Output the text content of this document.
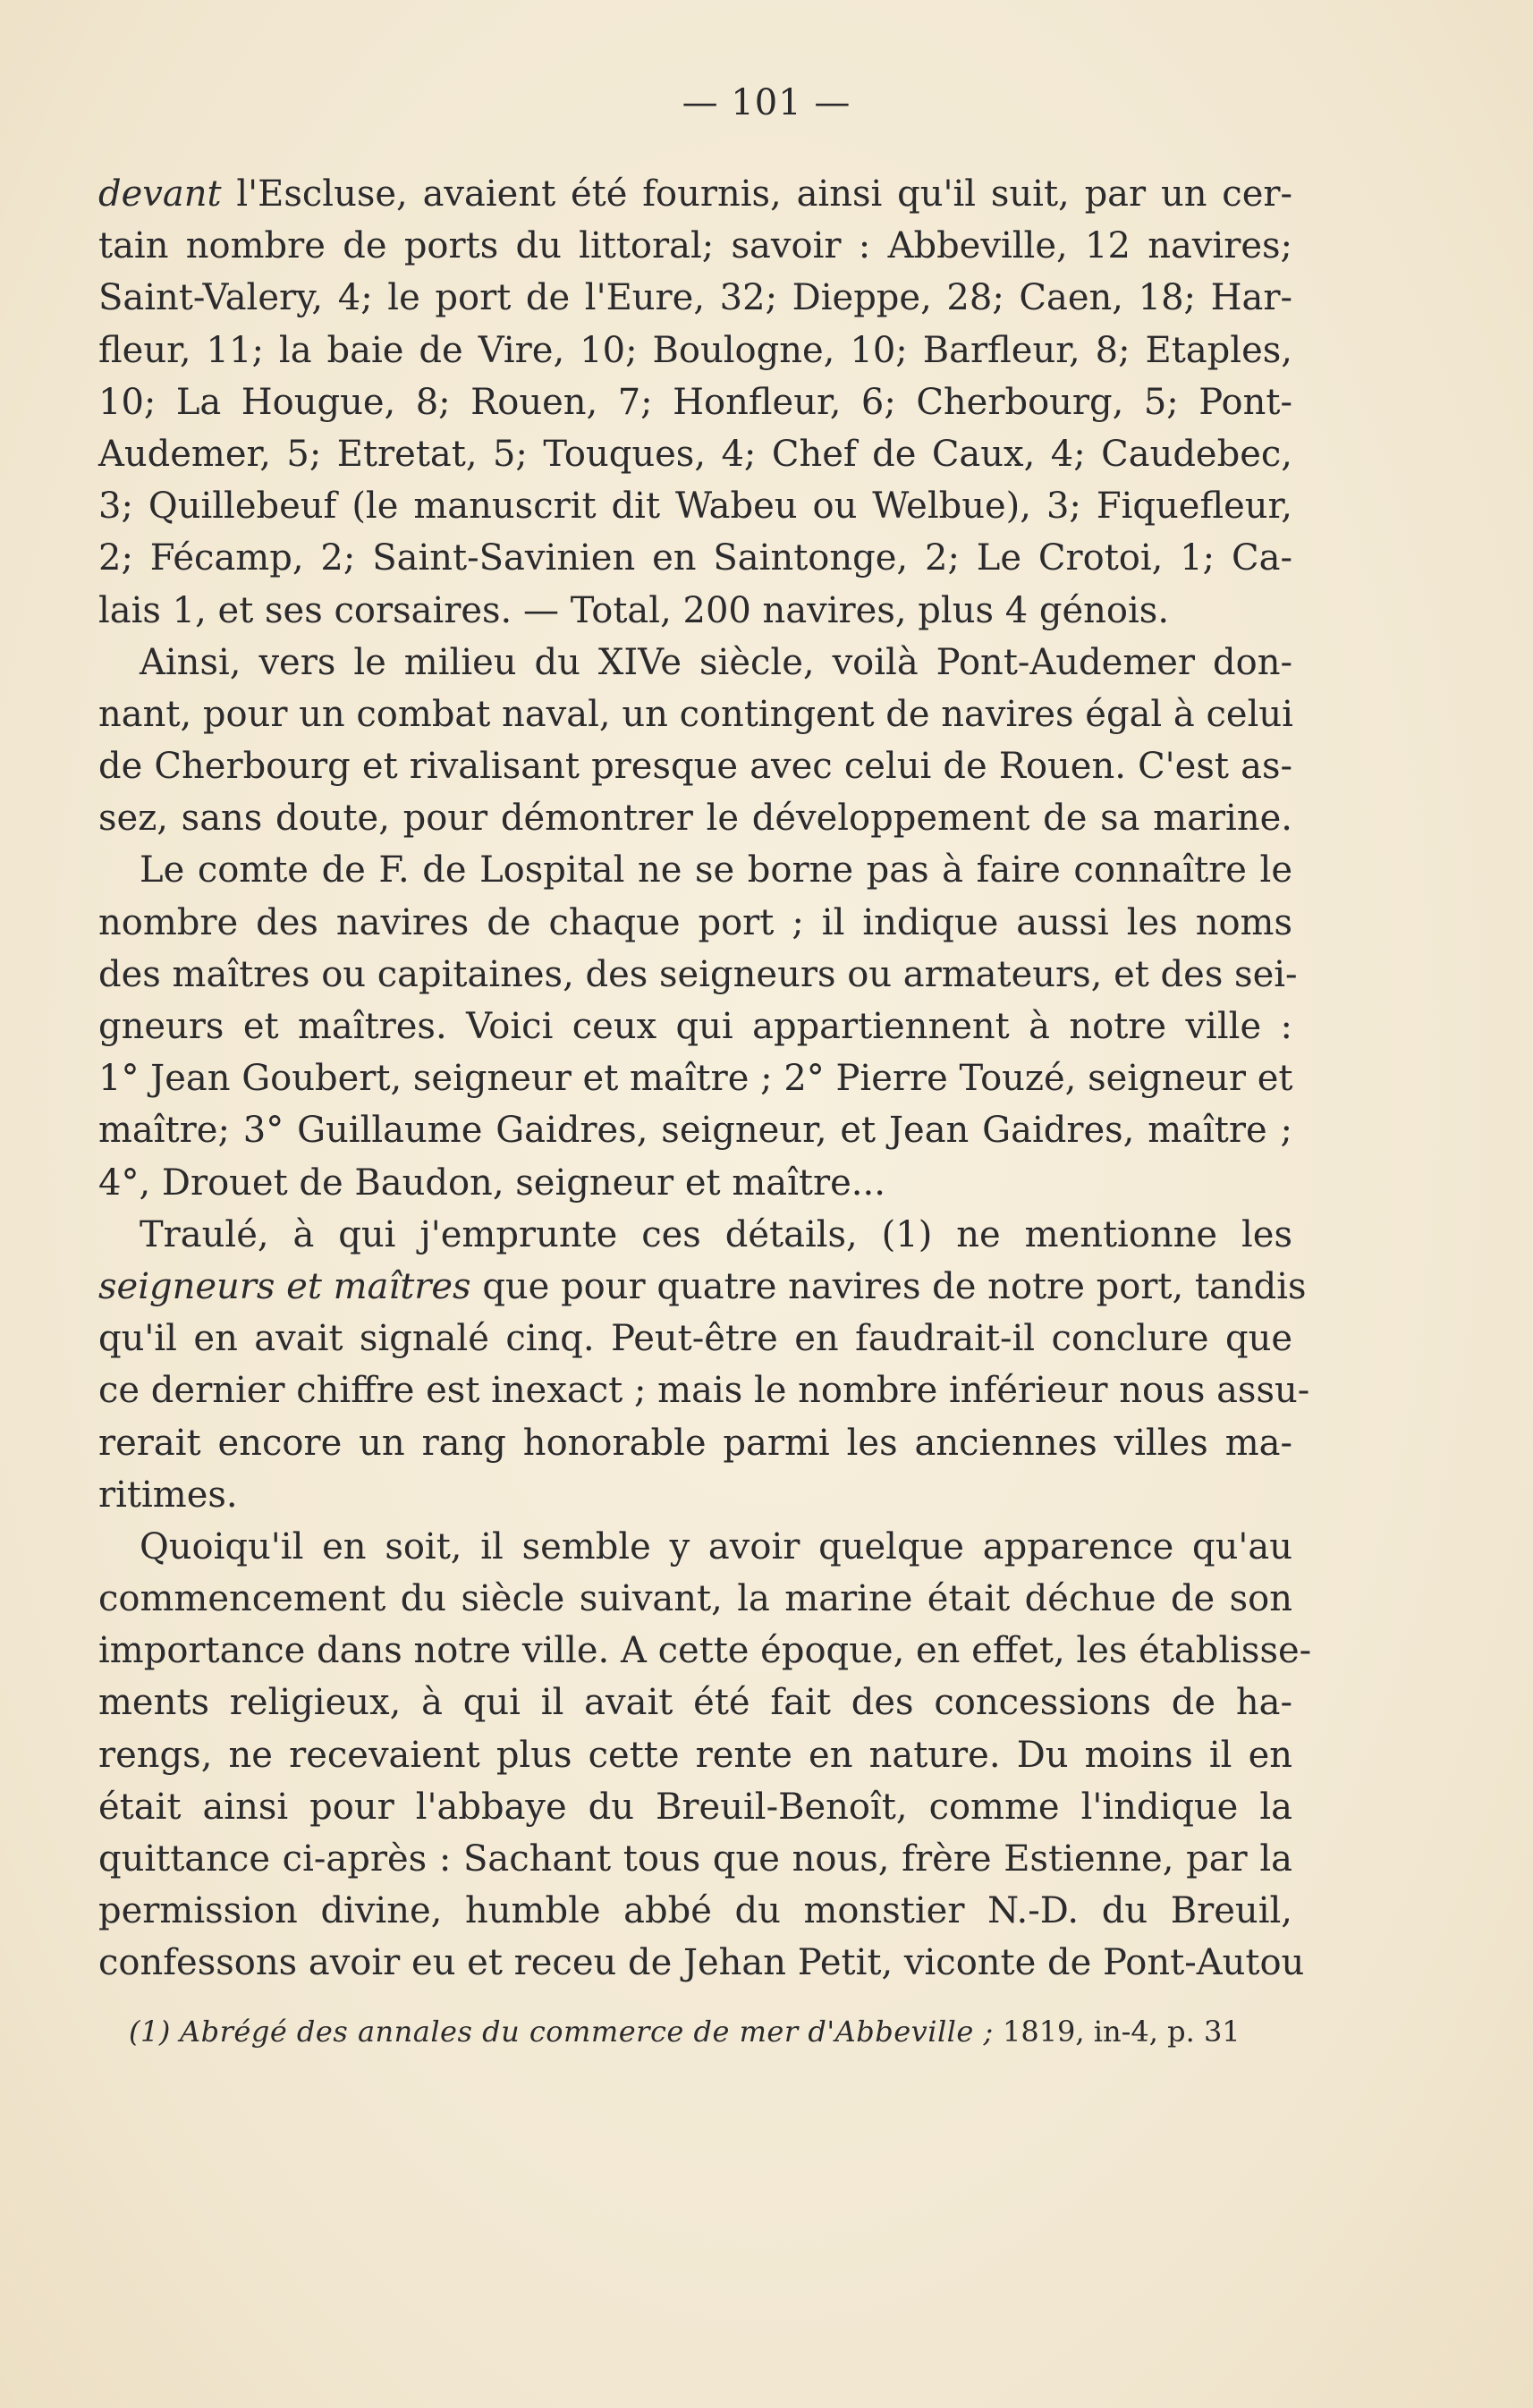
— 101 —
devant l'Escluse, avaient été fournis, ainsi qu'il suit, par un cer-
tain nombre de ports du littoral; savoir : Abbeville, 12 navires;
Saint-Valery, 4; le port de l'Eure, 32; Dieppe, 28; Caen, 18; Har-
fleur, 11; la baie de Vire, 10; Boulogne, 10; Barfleur, 8; Etaples,
10; La Hougue, 8; Rouen, 7; Honfleur, 6; Cherbourg, 5; Pont-
Audemer, 5; Etretat, 5; Touques, 4; Chef de Caux, 4; Caudebec,
3; Quillebeuf (le manuscrit dit Wabeu ou Welbue), 3; Fiquefleur,
2; Fécamp, 2; Saint-Savinien en Saintonge, 2; Le Crotoi, 1; Ca-
lais 1, et ses corsaires. — Total, 200 navires, plus 4 génois.
Ainsi, vers le milieu du XIVe siècle, voilà Pont-Audemer don-
nant, pour un combat naval, un contingent de navires égal à celui
de Cherbourg et rivalisant presque avec celui de Rouen. C'est as-
sez, sans doute, pour démontrer le développement de sa marine.
Le comte de F. de Lospital ne se borne pas à faire connaître le
nombre des navires de chaque port ; il indique aussi les noms
des maîtres ou capitaines, des seigneurs ou armateurs, et des sei-
gneurs et maîtres. Voici ceux qui appartiennent à notre ville :
1° Jean Goubert, seigneur et maître ; 2° Pierre Touzé, seigneur et
maître; 3° Guillaume Gaidres, seigneur, et Jean Gaidres, maître ;
4°, Drouet de Baudon, seigneur et maître...
Traulé, à qui j'emprunte ces détails, (1) ne mentionne les
seigneurs et maîtres que pour quatre navires de notre port, tandis
qu'il en avait signalé cinq. Peut-être en faudrait-il conclure que
ce dernier chiffre est inexact ; mais le nombre inférieur nous assu-
rerait encore un rang honorable parmi les anciennes villes ma-
ritimes.
Quoiqu'il en soit, il semble y avoir quelque apparence qu'au
commencement du siècle suivant, la marine était déchue de son
importance dans notre ville. A cette époque, en effet, les établisse-
ments religieux, à qui il avait été fait des concessions de ha-
rengs, ne recevaient plus cette rente en nature. Du moins il en
était ainsi pour l'abbaye du Breuil-Benoît, comme l'indique la
quittance ci-après : Sachant tous que nous, frère Estienne, par la
permission divine, humble abbé du monstier N.-D. du Breuil,
confessons avoir eu et receu de Jehan Petit, viconte de Pont-Autou
(1) Abrégé des annales du commerce de mer d'Abbeville ; 1819, in-4, p. 31
